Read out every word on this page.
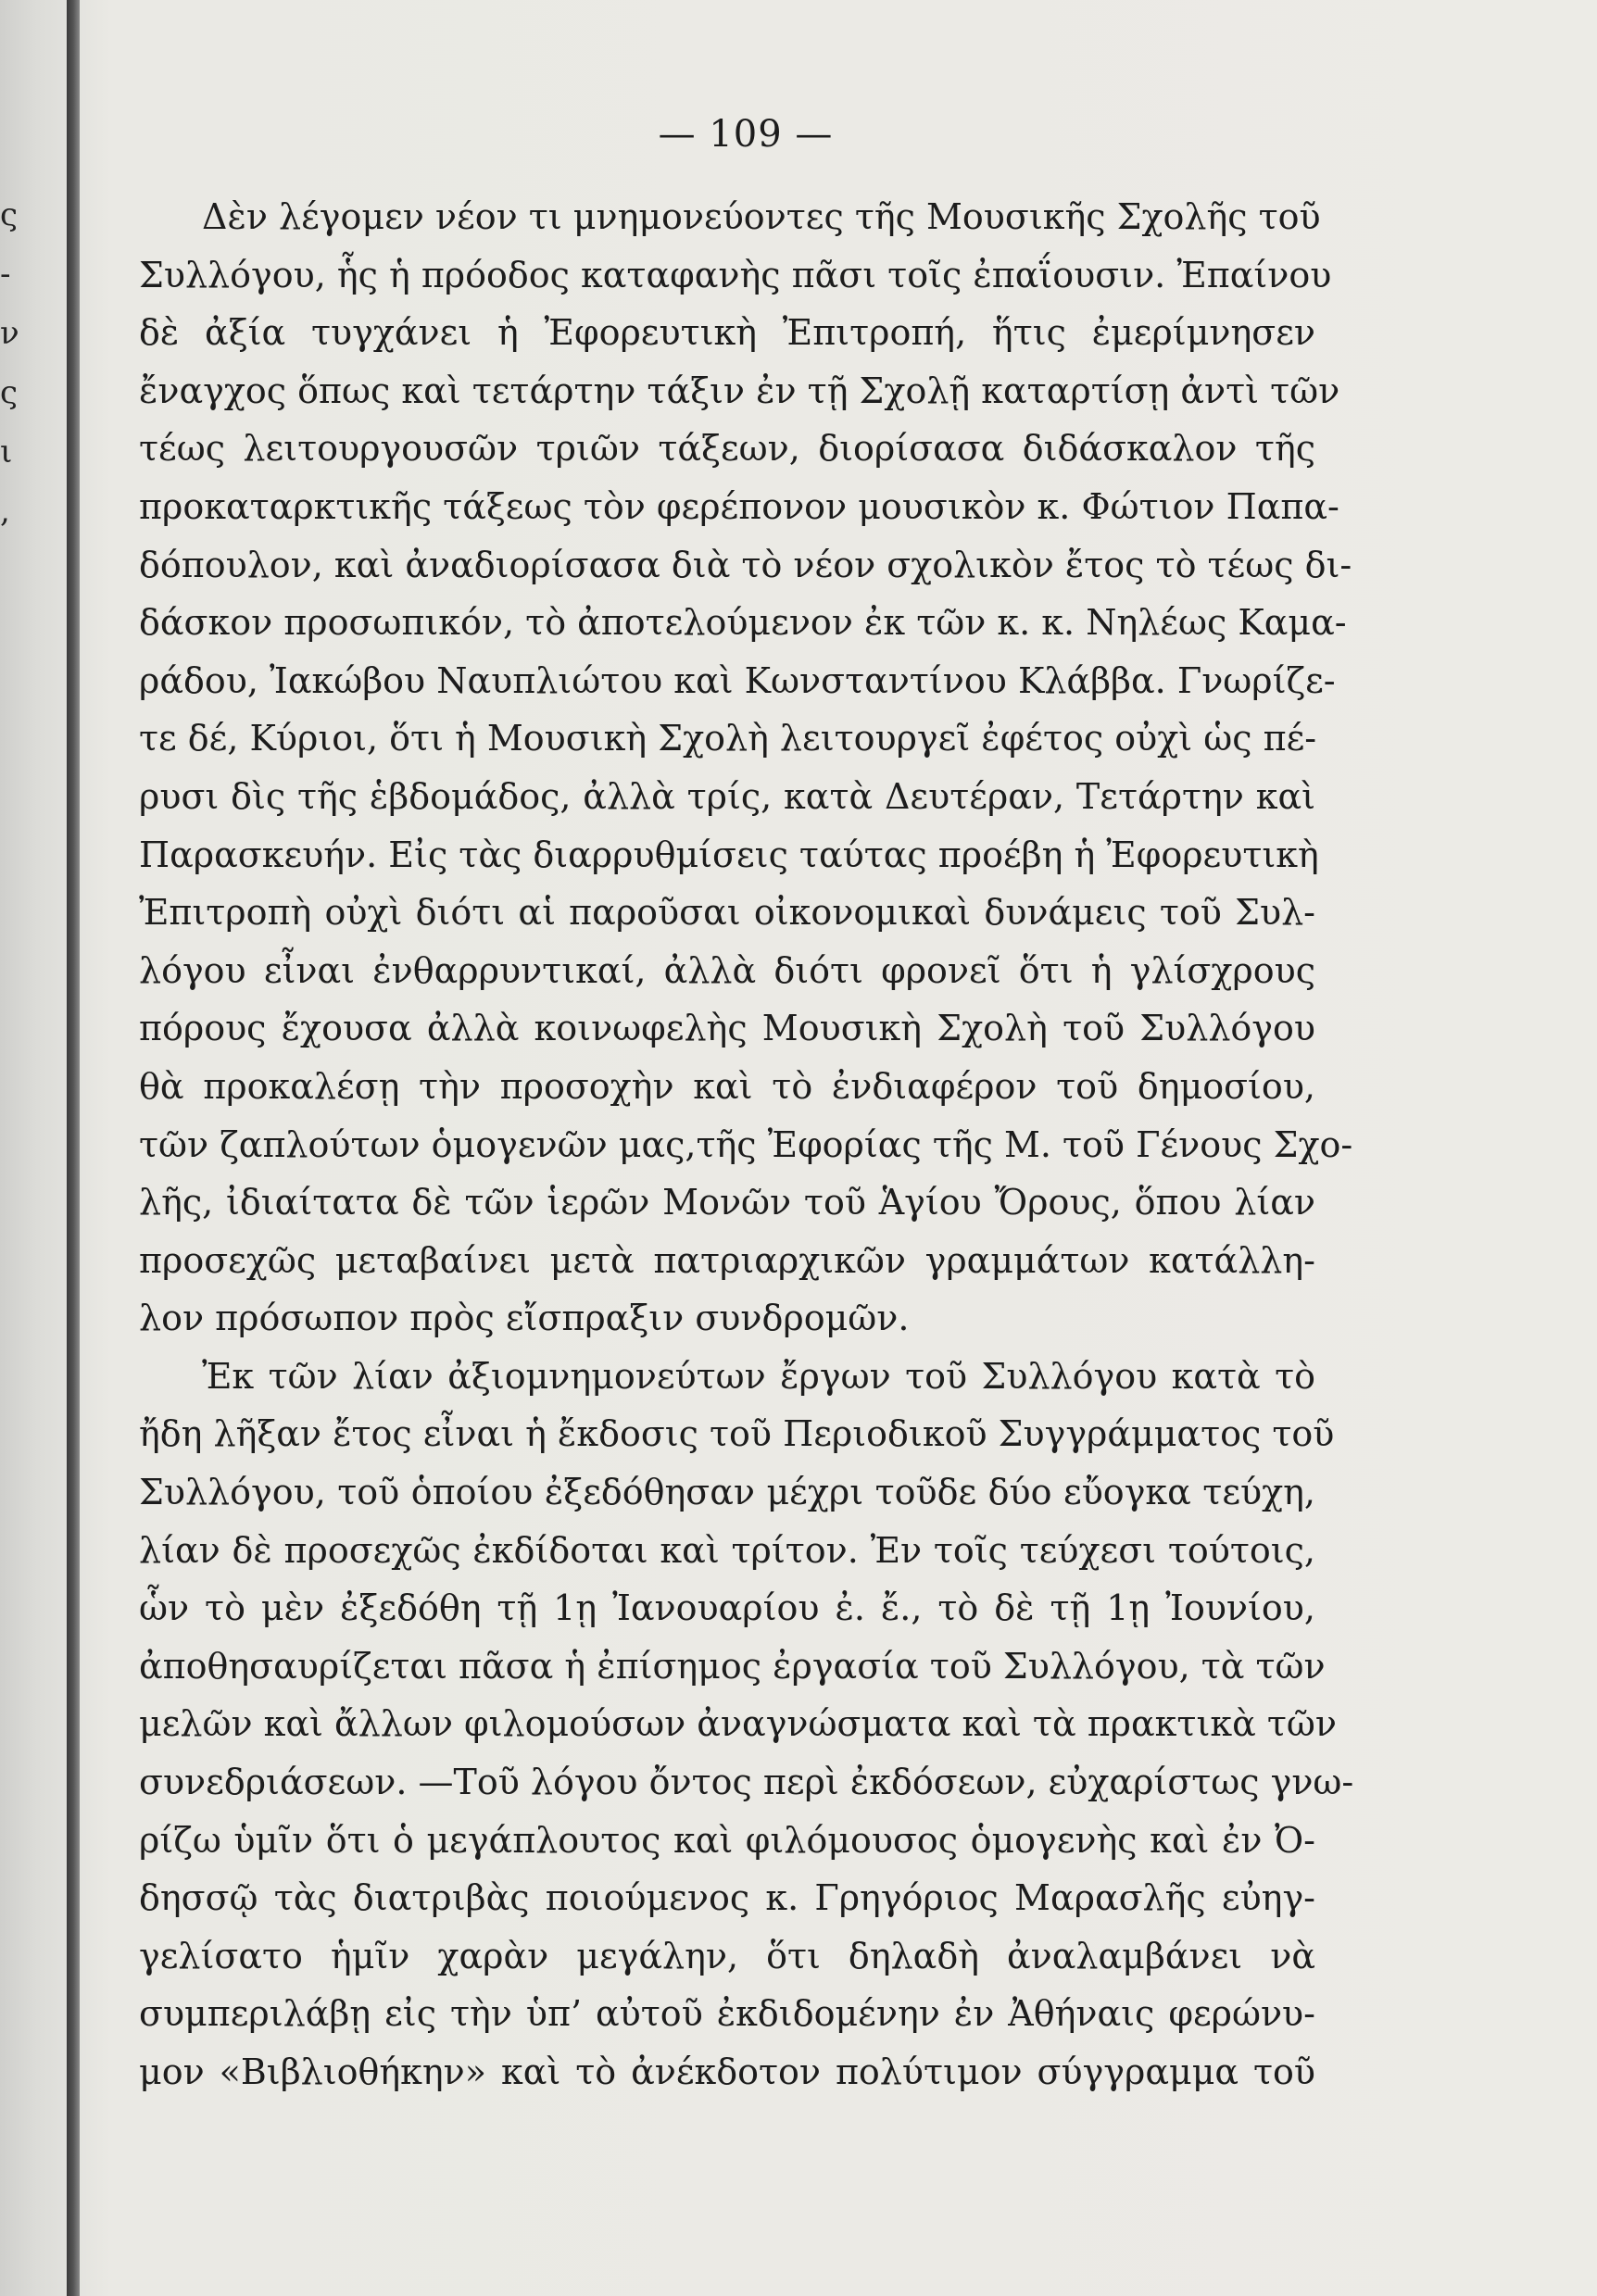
ς
-
ν
ς
ι
,
— 109 —
Δὲν λέγομεν νέον τι μνημονεύοντες τῆς Μουσικῆς Σχολῆς τοῦ
Συλλόγου, ἧς ἡ πρόοδος καταφανὴς πᾶσι τοῖς ἐπαΐουσιν. Ἐπαίνου
δὲ ἀξία τυγχάνει ἡ Ἐφορευτικὴ Ἐπιτροπή, ἥτις ἐμερίμνησεν
ἔναγχος ὅπως καὶ τετάρτην τάξιν ἐν τῇ Σχολῇ καταρτίσῃ ἀντὶ τῶν
τέως λειτουργουσῶν τριῶν τάξεων, διορίσασα διδάσκαλον τῆς
προκαταρκτικῆς τάξεως τὸν φερέπονον μουσικὸν κ. Φώτιον Παπα-
δόπουλον, καὶ ἀναδιορίσασα διὰ τὸ νέον σχολικὸν ἔτος τὸ τέως δι-
δάσκον προσωπικόν, τὸ ἀποτελούμενον ἐκ τῶν κ. κ. Νηλέως Καμα-
ράδου, Ἰακώβου Ναυπλιώτου καὶ Κωνσταντίνου Κλάββα. Γνωρίζε-
τε δέ, Κύριοι, ὅτι ἡ Μουσικὴ Σχολὴ λειτουργεῖ ἐφέτος οὐχὶ ὡς πέ-
ρυσι δὶς τῆς ἑβδομάδος, ἀλλὰ τρίς, κατὰ Δευτέραν, Τετάρτην καὶ
Παρασκευήν. Εἰς τὰς διαρρυθμίσεις ταύτας προέβη ἡ Ἐφορευτικὴ
Ἐπιτροπὴ οὐχὶ διότι αἱ παροῦσαι οἰκονομικαὶ δυνάμεις τοῦ Συλ-
λόγου εἶναι ἐνθαρρυντικαί, ἀλλὰ διότι φρονεῖ ὅτι ἡ γλίσχρους
πόρους ἔχουσα ἀλλὰ κοινωφελὴς Μουσικὴ Σχολὴ τοῦ Συλλόγου
θὰ προκαλέσῃ τὴν προσοχὴν καὶ τὸ ἐνδιαφέρον τοῦ δημοσίου,
τῶν ζαπλούτων ὁμογενῶν μας,τῆς Ἐφορίας τῆς Μ. τοῦ Γένους Σχο-
λῆς, ἰδιαίτατα δὲ τῶν ἱερῶν Μονῶν τοῦ Ἁγίου Ὄρους, ὅπου λίαν
προσεχῶς μεταβαίνει μετὰ πατριαρχικῶν γραμμάτων κατάλλη-
λον πρόσωπον πρὸς εἴσπραξιν συνδρομῶν.
Ἐκ τῶν λίαν ἀξιομνημονεύτων ἔργων τοῦ Συλλόγου κατὰ τὸ
ἤδη λῆξαν ἔτος εἶναι ἡ ἔκδοσις τοῦ Περιοδικοῦ Συγγράμματος τοῦ
Συλλόγου, τοῦ ὁποίου ἐξεδόθησαν μέχρι τοῦδε δύο εὔογκα τεύχη,
λίαν δὲ προσεχῶς ἐκδίδοται καὶ τρίτον. Ἐν τοῖς τεύχεσι τούτοις,
ὧν τὸ μὲν ἐξεδόθη τῇ 1ῃ Ἰανουαρίου ἐ. ἔ., τὸ δὲ τῇ 1ῃ Ἰουνίου,
ἀποθησαυρίζεται πᾶσα ἡ ἐπίσημος ἐργασία τοῦ Συλλόγου, τὰ τῶν
μελῶν καὶ ἄλλων φιλομούσων ἀναγνώσματα καὶ τὰ πρακτικὰ τῶν
συνεδριάσεων. —Τοῦ λόγου ὄντος περὶ ἐκδόσεων, εὐχαρίστως γνω-
ρίζω ὑμῖν ὅτι ὁ μεγάπλουτος καὶ φιλόμουσος ὁμογενὴς καὶ ἐν Ὀ-
δησσῷ τὰς διατριβὰς ποιούμενος κ. Γρηγόριος Μαρασλῆς εὐηγ-
γελίσατο ἡμῖν χαρὰν μεγάλην, ὅτι δηλαδὴ ἀναλαμβάνει νὰ
συμπεριλάβῃ εἰς τὴν ὑπ’ αὐτοῦ ἐκδιδομένην ἐν Ἀθήναις φερώνυ-
μον «Βιβλιοθήκην» καὶ τὸ ἀνέκδοτον πολύτιμον σύγγραμμα τοῦ
